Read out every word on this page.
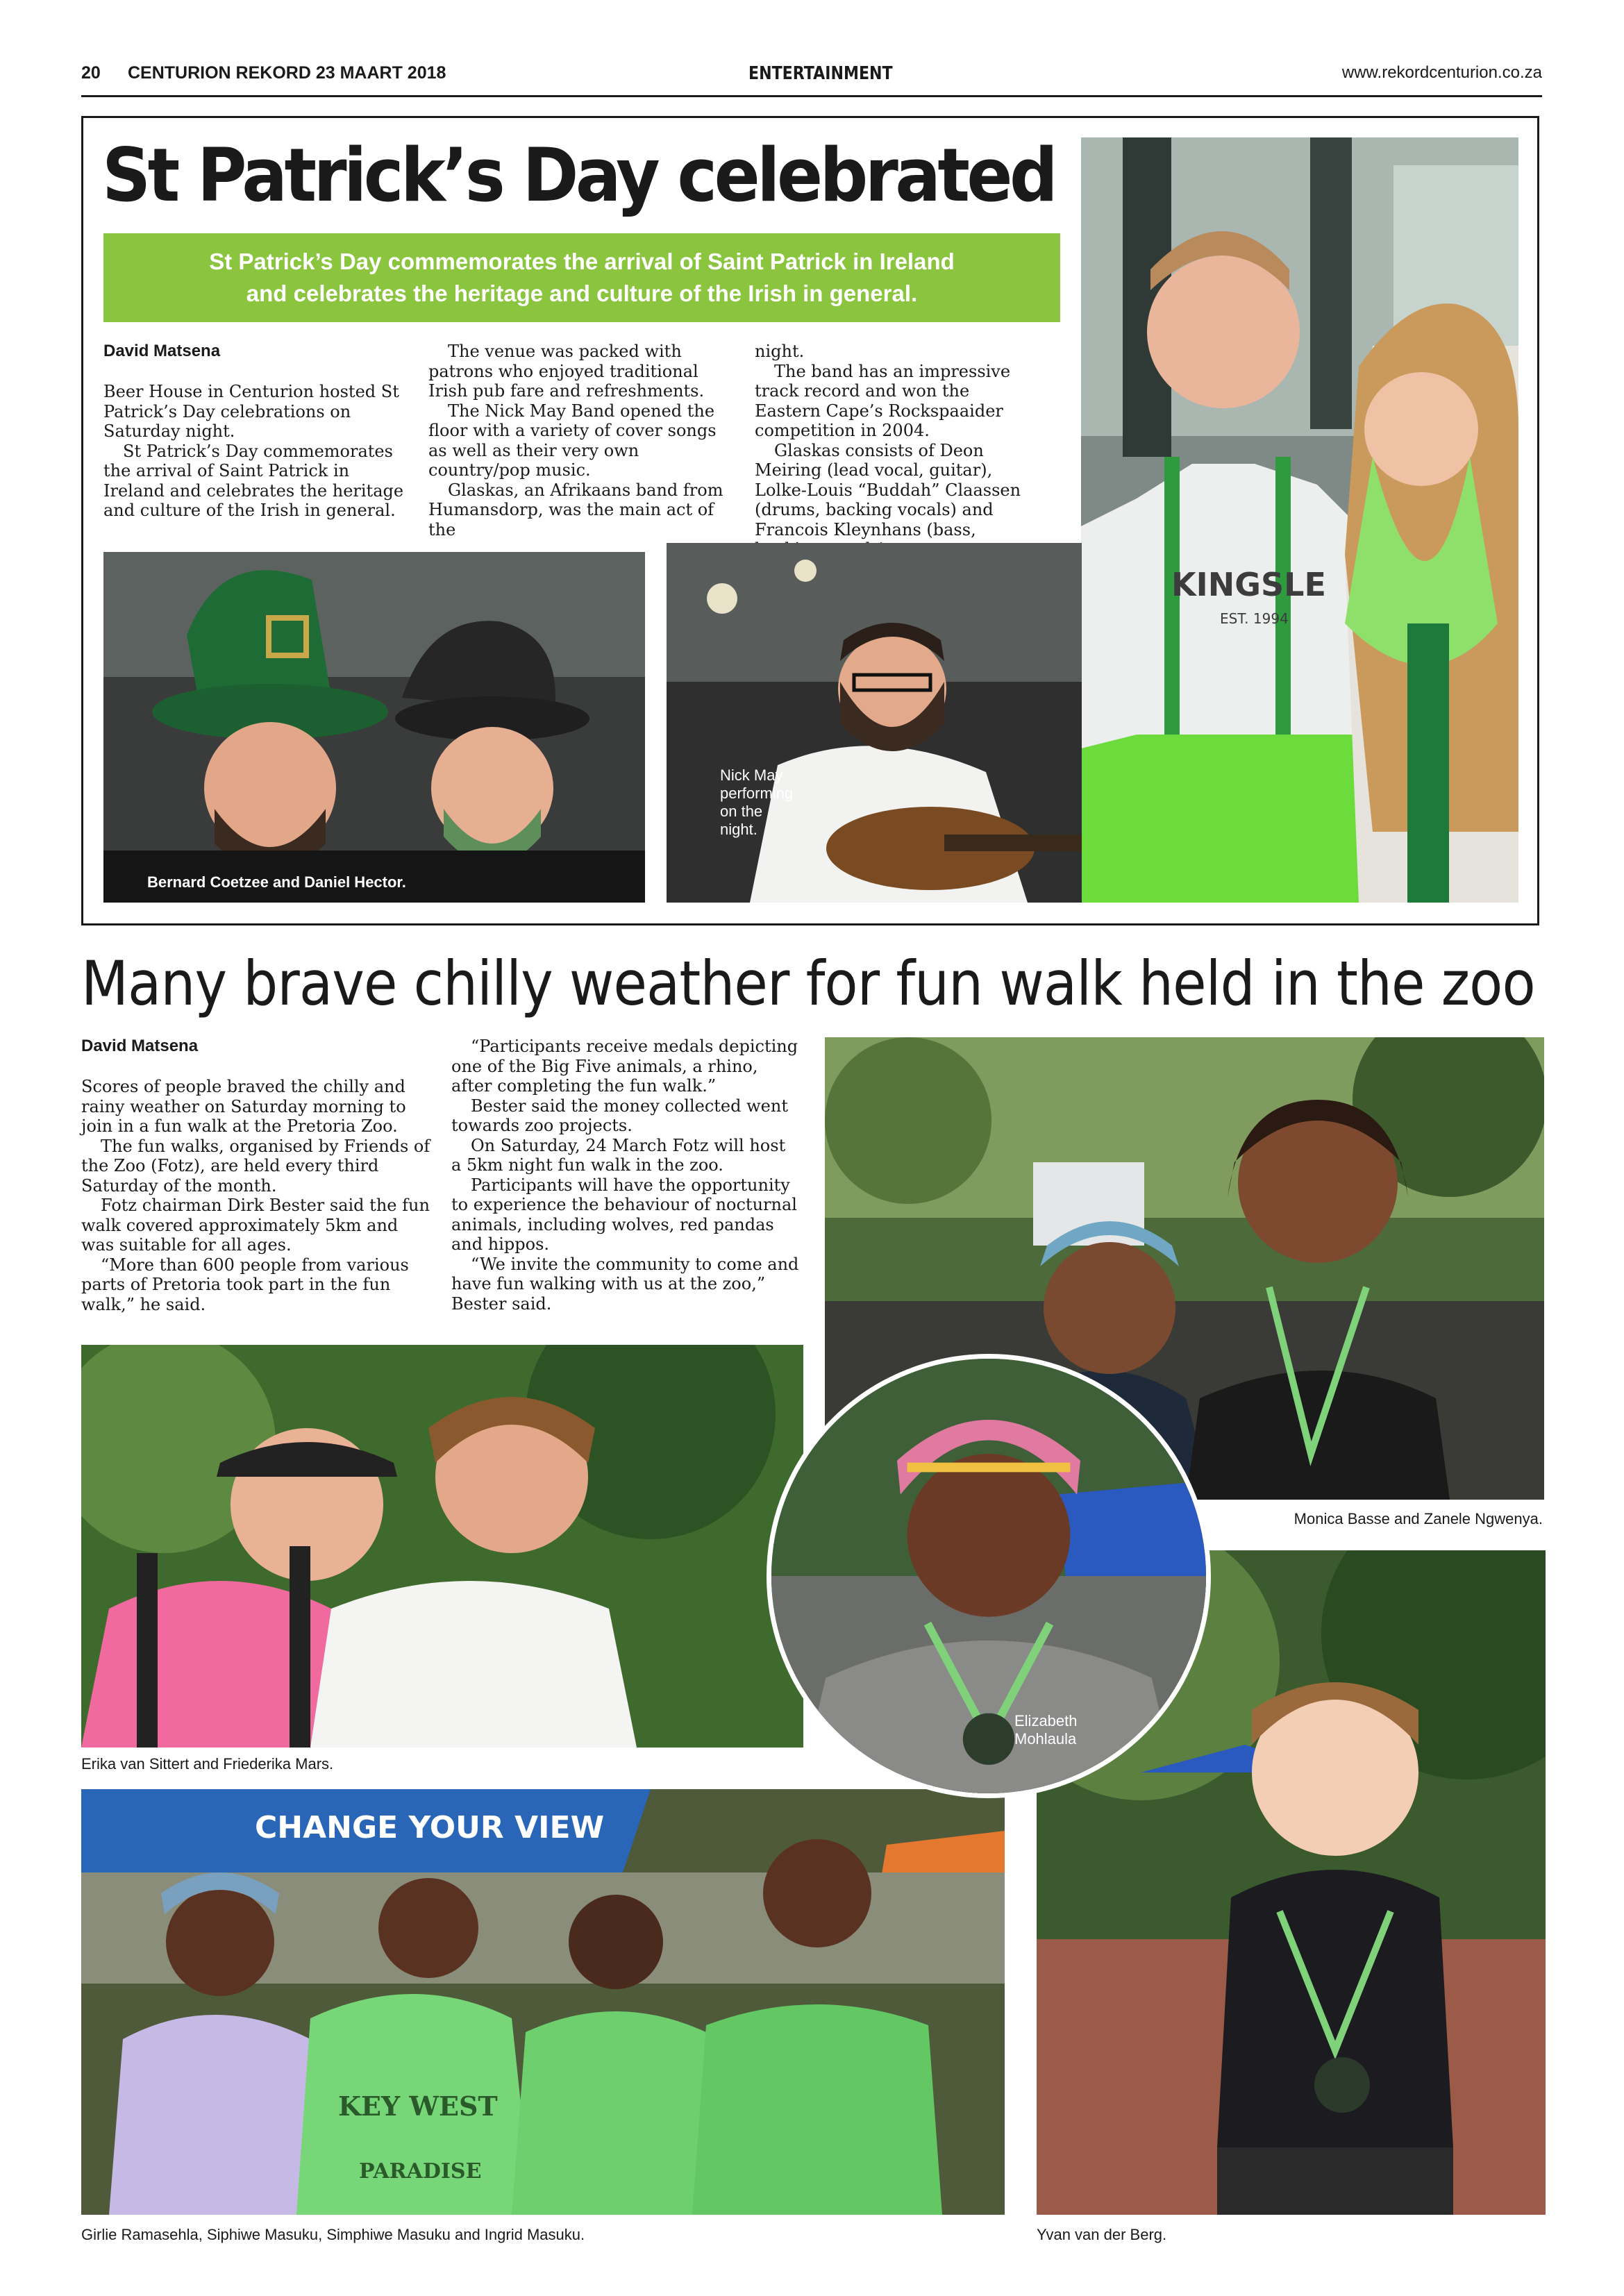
20 CENTURION REKORD 23 MAART 2018	ENTERTAINMENT	www.rekordcenturion.co.za
St Patrick’s Day celebrated
St Patrick’s Day commemorates the arrival of Saint Patrick in Ireland
and celebrates the heritage and culture of the Irish in general.
David Matsena

Beer House in Centurion hosted St Patrick’s Day celebrations on Saturday night.

St Patrick’s Day commemorates the arrival of Saint Patrick in Ireland and celebrates the heritage and culture of the Irish in general.

The venue was packed with patrons who enjoyed traditional Irish pub fare and refreshments.

The Nick May Band opened the floor with a variety of cover songs as well as their very own country/pop music.

Glaskas, an Afrikaans band from Humansdorp, was the main act of the

night.

The band has an impressive track record and won the Eastern Cape’s Rockspaaider competition in 2004.

Glaskas consists of Deon Meiring (lead vocal, guitar), Lolke-Louis “Buddah” Claassen (drums, backing vocals) and Francois Kleynhans (bass,

KINGSLE
EST. 1994
Bernard Coetzee and Daniel Hector.
Nick May
performing
on the
night.
Many brave chilly weather for fun walk held in the zoo
David Matsena

Scores of people braved the chilly and rainy weather on Saturday morning to join in a fun walk at the Pretoria Zoo.

The fun walks, organised by Friends of the Zoo (Fotz), are held every third Saturday of the month.

Fotz chairman Dirk Bester said the fun walk covered approximately 5km and was suitable for all ages.

“More than 600 people from various parts of Pretoria took part in the fun walk,” he said.

“Participants receive medals depicting one of the Big Five animals, a rhino, after completing the fun walk.”

Bester said the money collected went towards zoo projects.

On Saturday, 24 March Fotz will host a 5km night fun walk in the zoo.

Participants will have the opportunity to experience the behaviour of nocturnal animals, including wolves, red pandas and hippos.

“We invite the community to come and have fun walking with us at the zoo,” Bester said.

Monica Basse and Zanele Ngwenya.
Erika van Sittert and Friederika Mars.
CHANGE YOUR VIEW
KEY WEST
PARADISE
Girlie Ramasehla, Siphiwe Masuku, Simphiwe Masuku and Ingrid Masuku.	Yvan van der Berg.
Elizabeth
Mohlaula
